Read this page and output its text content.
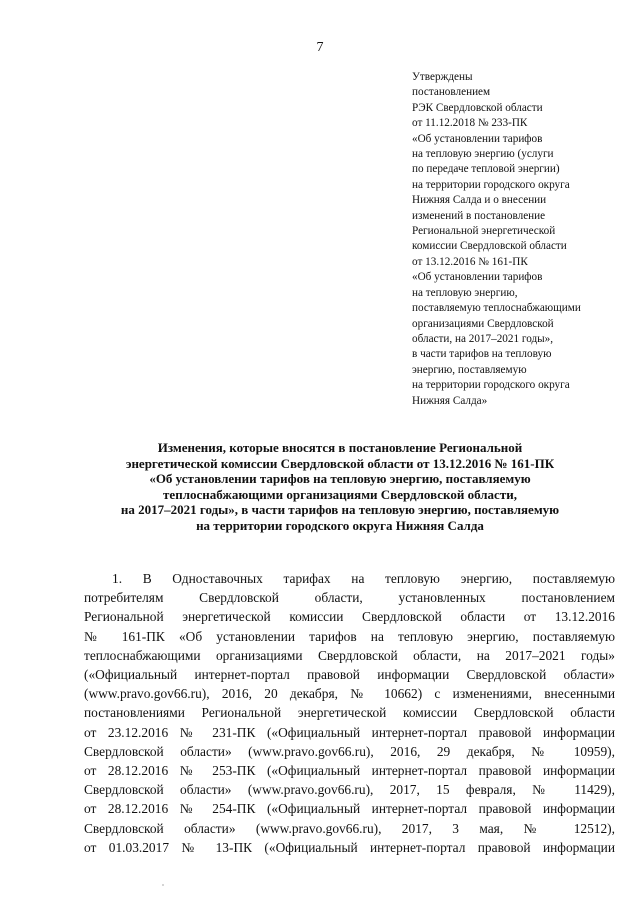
7
Утверждены
постановлением
РЭК Свердловской области
от 11.12.2018 № 233-ПК
«Об установлении тарифов
на тепловую энергию (услуги
по передаче тепловой энергии)
на территории городского округа
Нижняя Салда и о внесении
изменений в постановление
Региональной энергетической
комиссии Свердловской области
от 13.12.2016 № 161-ПК
«Об установлении тарифов
на тепловую энергию,
поставляемую теплоснабжающими
организациями Свердловской
области, на 2017–2021 годы»,
в части тарифов на тепловую
энергию, поставляемую
на территории городского округа
Нижняя Салда»
Изменения, которые вносятся в постановление Региональной
энергетической комиссии Свердловской области от 13.12.2016 № 161-ПК
«Об установлении тарифов на тепловую энергию, поставляемую
теплоснабжающими организациями Свердловской области,
на 2017–2021 годы», в части тарифов на тепловую энергию, поставляемую
на территории городского округа Нижняя Салда
1. В Одноставочных тарифах на тепловую энергию, поставляемую
потребителям Свердловской области, установленных постановлением
Региональной энергетической комиссии Свердловской области от 13.12.2016
№ 161-ПК «Об установлении тарифов на тепловую энергию, поставляемую
теплоснабжающими организациями Свердловской области, на 2017–2021 годы»
(«Официальный интернет-портал правовой информации Свердловской области»
(www.pravo.gov66.ru), 2016, 20 декабря, № 10662) с изменениями, внесенными
постановлениями Региональной энергетической комиссии Свердловской области
от 23.12.2016 № 231-ПК («Официальный интернет-портал правовой информации
Свердловской области» (www.pravo.gov66.ru), 2016, 29 декабря, № 10959),
от 28.12.2016 № 253-ПК («Официальный интернет-портал правовой информации
Свердловской области» (www.pravo.gov66.ru), 2017, 15 февраля, № 11429),
от 28.12.2016 № 254-ПК («Официальный интернет-портал правовой информации
Свердловской области» (www.pravo.gov66.ru), 2017, 3 мая, № 12512),
от 01.03.2017 № 13-ПК («Официальный интернет-портал правовой информации
